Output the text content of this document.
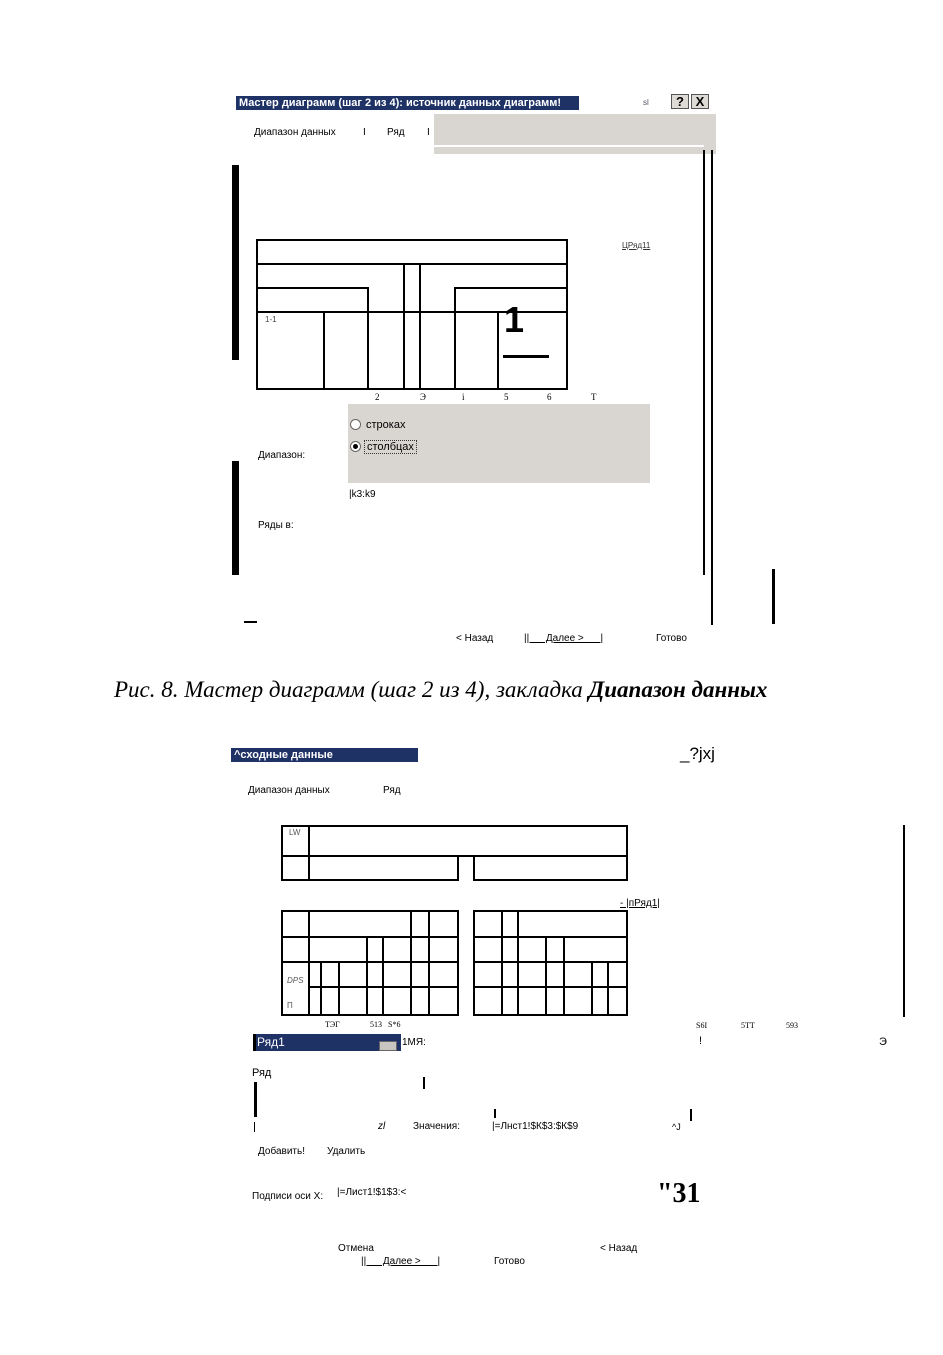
Мастер диаграмм (шаг 2 из 4): источник данных диаграмм!	sl	? X
Диапазон данных	I Ряд I
1-1	1
ЦРяд11
2	Э	i	5	6	T
строках
столбцах
Диапазон:
|k3:k9
Ряды в:
< Назад	||      Далее >      |	Готово
Рис. 8. Мастер диаграмм (шаг 2 из 4), закладка Диапазон данных
^сходные данные	_?jxj
Диапазон данных	Ряд
LW
- |пРяд1|
DPS
П
TЭГ	513 S*6	S6I	5TT	593
Ряд1	1МЯ:	!	Э
Ряд
zl	Значения:	|=Лнст1!$К$3:$К$9	^J
Добавить! Удалить
Подписи оси X: |=Лист1!$1$3:<	"31
Отмена	< Назад
||      Далее >      |	Готово
